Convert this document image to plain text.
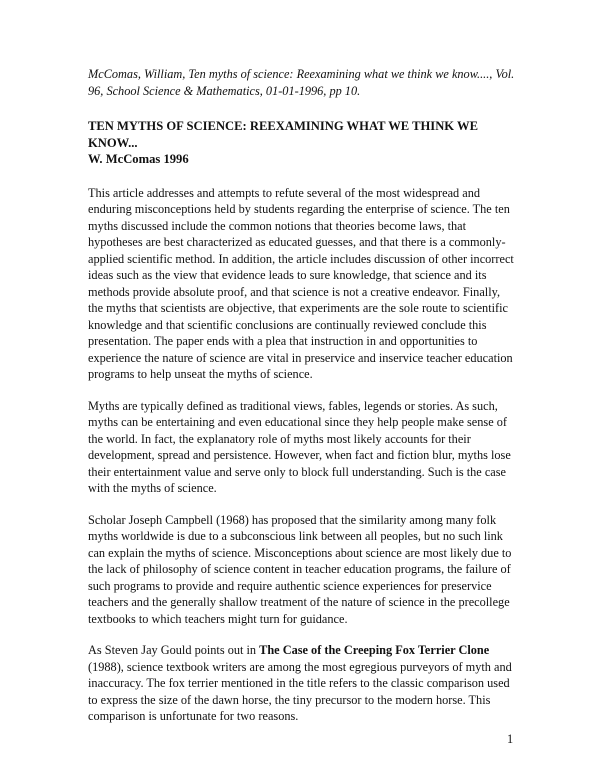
McComas, William, Ten myths of science: Reexamining what we think we know...., Vol. 96, School Science & Mathematics, 01-01-1996, pp 10.

TEN MYTHS OF SCIENCE: REEXAMINING WHAT WE THINK WE KNOW...

W. McComas 1996

This article addresses and attempts to refute several of the most widespread and enduring misconceptions held by students regarding the enterprise of science. The ten myths discussed include the common notions that theories become laws, that hypotheses are best characterized as educated guesses, and that there is a commonly-applied scientific method. In addition, the article includes discussion of other incorrect ideas such as the view that evidence leads to sure knowledge, that science and its methods provide absolute proof, and that science is not a creative endeavor. Finally, the myths that scientists are objective, that experiments are the sole route to scientific knowledge and that scientific conclusions are continually reviewed conclude this presentation. The paper ends with a plea that instruction in and opportunities to experience the nature of science are vital in preservice and inservice teacher education programs to help unseat the myths of science.

Myths are typically defined as traditional views, fables, legends or stories. As such, myths can be entertaining and even educational since they help people make sense of the world. In fact, the explanatory role of myths most likely accounts for their development, spread and persistence. However, when fact and fiction blur, myths lose their entertainment value and serve only to block full understanding. Such is the case with the myths of science.

Scholar Joseph Campbell (1968) has proposed that the similarity among many folk myths worldwide is due to a subconscious link between all peoples, but no such link can explain the myths of science. Misconceptions about science are most likely due to the lack of philosophy of science content in teacher education programs, the failure of such programs to provide and require authentic science experiences for preservice teachers and the generally shallow treatment of the nature of science in the precollege textbooks to which teachers might turn for guidance.

As Steven Jay Gould points out in The Case of the Creeping Fox Terrier Clone (1988), science textbook writers are among the most egregious purveyors of myth and inaccuracy. The fox terrier mentioned in the title refers to the classic comparison used to express the size of the dawn horse, the tiny precursor to the modern horse. This comparison is unfortunate for two reasons.

1
